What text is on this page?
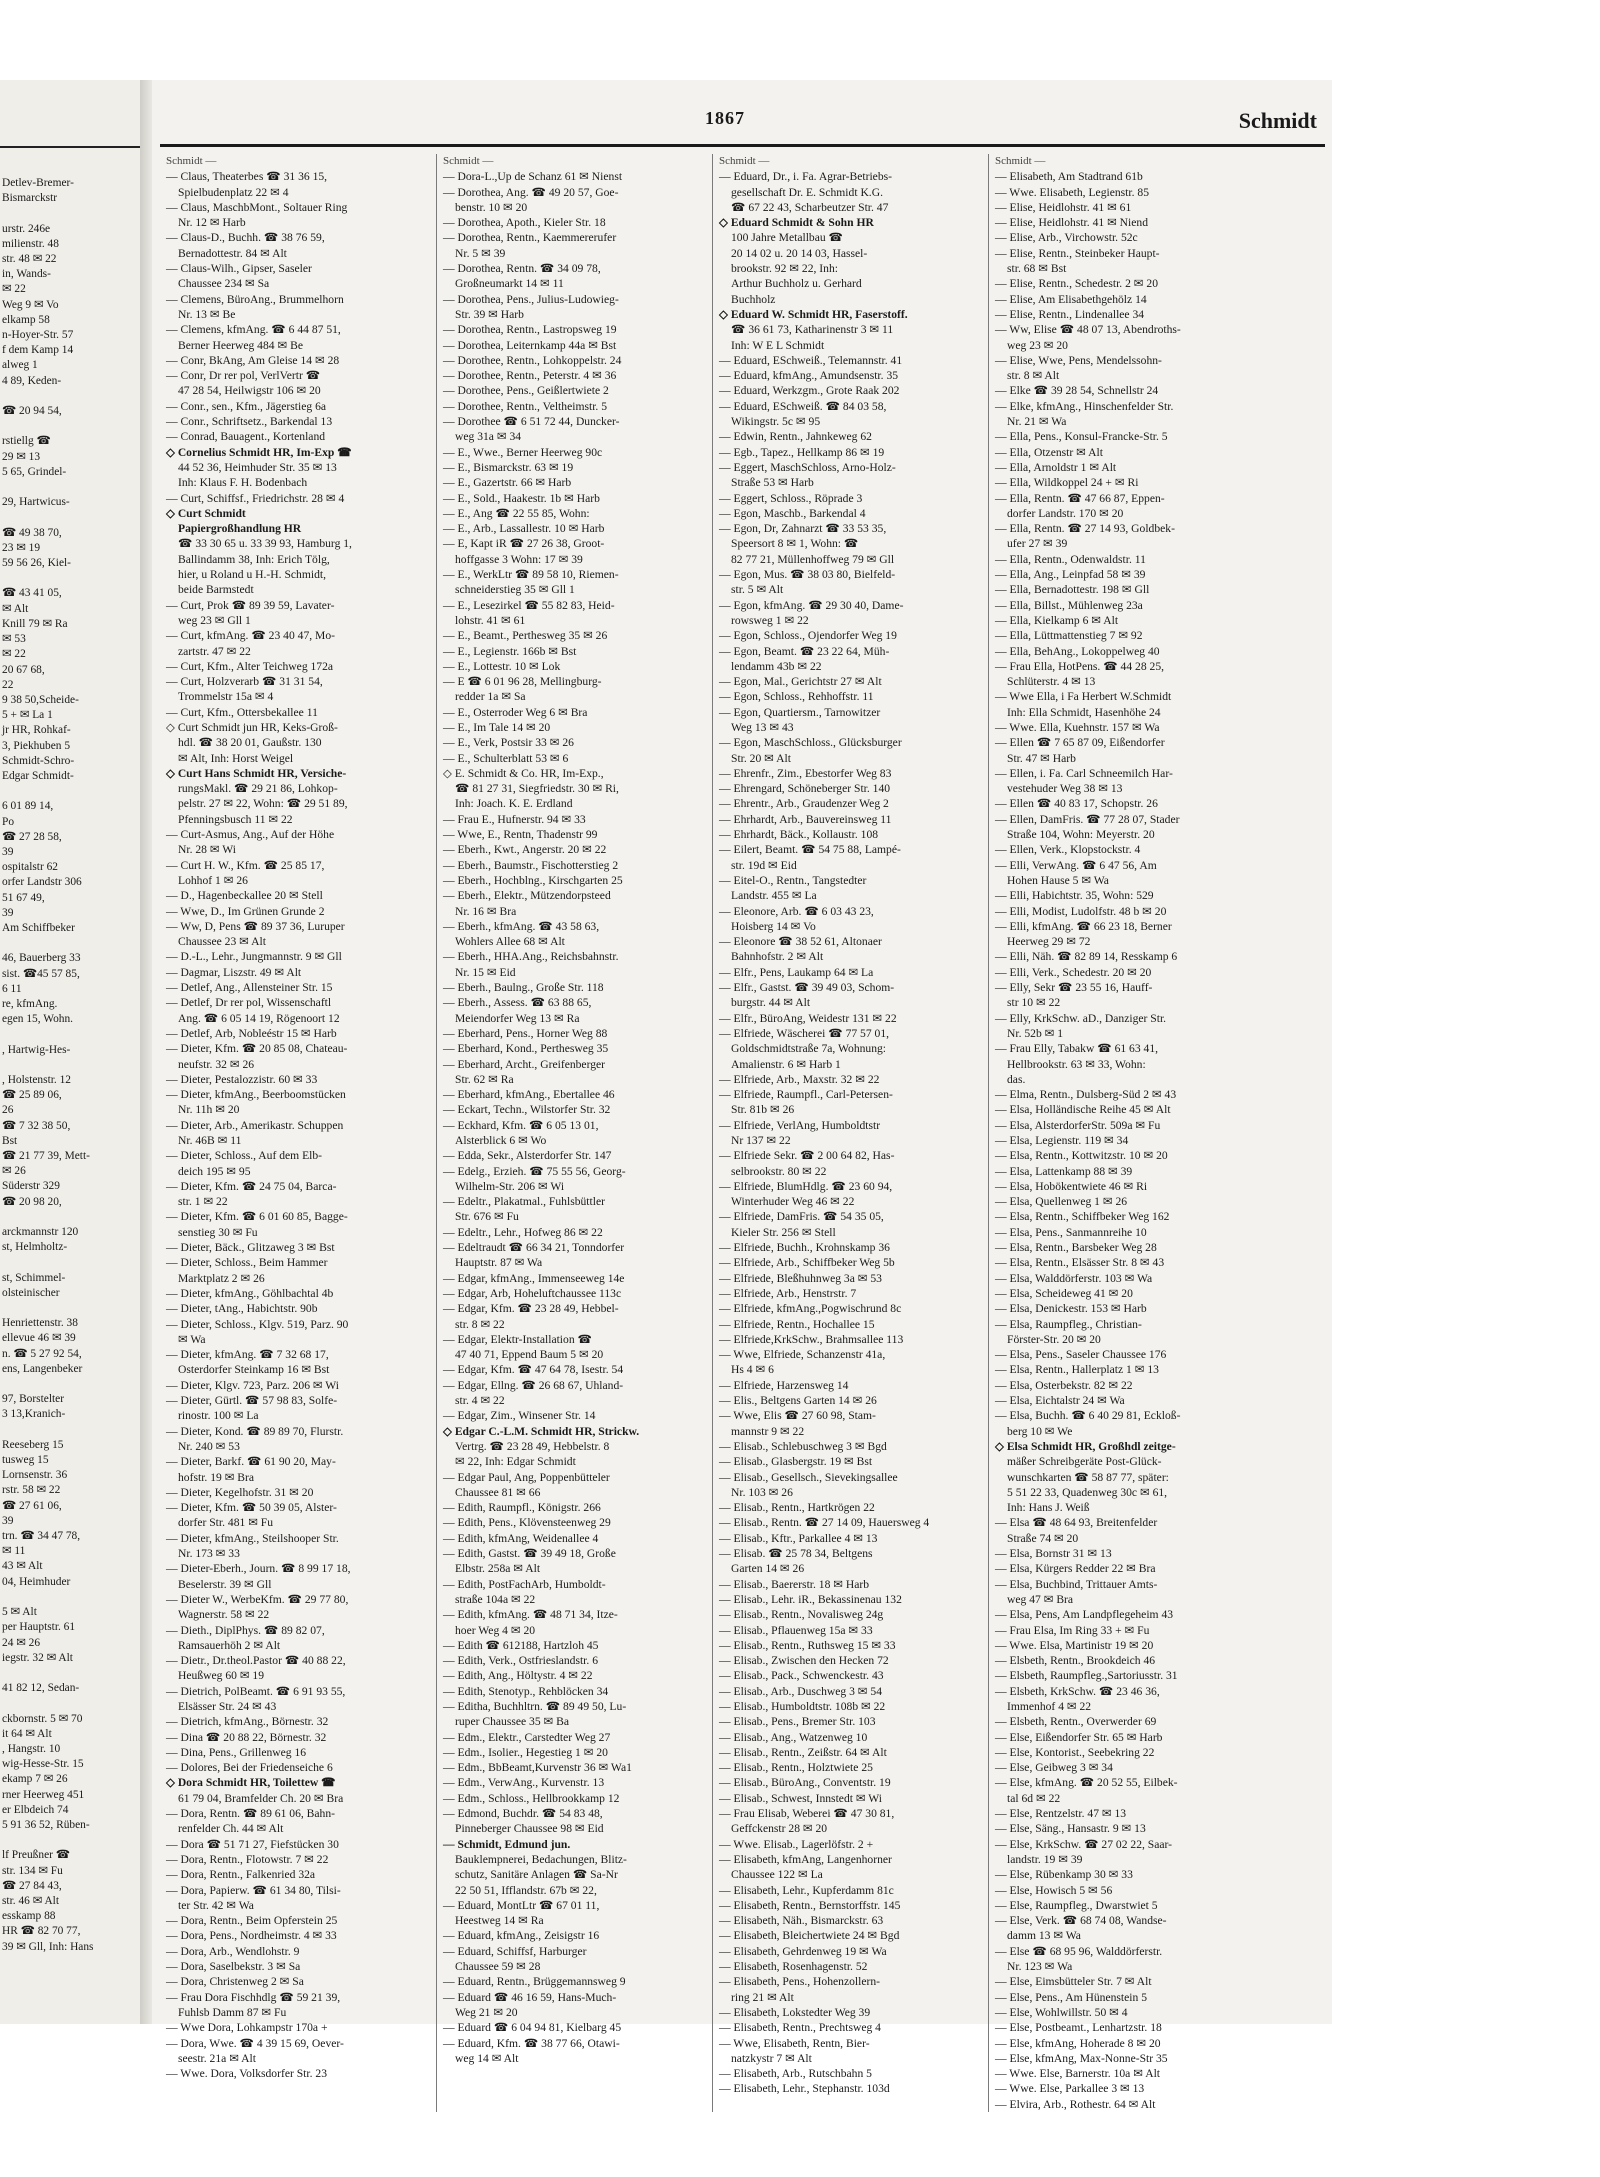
Detlev-Bremer-
Bismarckstr

urstr. 246e
milienstr. 48
str. 48 ✉ 22
in, Wands-
✉ 22
Weg 9 ✉ Vo
elkamp 58
n-Hoyer-Str. 57
f dem Kamp 14
alweg 1
4 89, Keden-

☎ 20 94 54,

rstiellg ☎
29 ✉ 13
5 65, Grindel-

29, Hartwicus-

☎ 49 38 70,
23 ✉ 19
59 56 26, Kiel-

☎ 43 41 05,
✉ Alt
Knill 79 ✉ Ra
✉ 53
✉ 22
20 67 68,
22
9 38 50,Scheide-
5 + ✉ La 1
jr HR, Rohkaf-
3, Piekhuben 5
Schmidt-Schro-
Edgar Schmidt-

6 01 89 14,
Po
☎ 27 28 58,
39
ospitalstr 62
orfer Landstr 306
51 67 49,
39
Am Schiffbeker

46, Bauerberg 33
sist. ☎45 57 85,
6 11
re, kfmAng.
egen 15, Wohn.

, Hartwig-Hes-

, Holstenstr. 12
☎ 25 89 06,
26
☎ 7 32 38 50,
Bst
☎ 21 77 39, Mett-
✉ 26
Süderstr 329
☎ 20 98 20,

arckmannstr 120
st, Helmholtz-

st, Schimmel-
olsteinischer

Henriettenstr. 38
ellevue 46 ✉ 39
n. ☎ 5 27 92 54,
ens, Langenbeker

97, Borstelter
3 13,Kranich-

Reeseberg 15
tusweg 15
Lornsenstr. 36
rstr. 58 ✉ 22
☎ 27 61 06,
39
trn. ☎ 34 47 78,
✉ 11
43 ✉ Alt
04, Heimhuder

5 ✉ Alt
per Hauptstr. 61
24 ✉ 26
iegstr. 32 ✉ Alt

41 82 12, Sedan-

ckbornstr. 5 ✉ 70
it 64 ✉ Alt
, Hangstr. 10
wig-Hesse-Str. 15
ekamp 7 ✉ 26
rner Heerweg 451
er Elbdeich 74
5 91 36 52, Rüben-

lf Preußner ☎
str. 134 ✉ Fu
☎ 27 84 43,
str. 46 ✉ Alt
esskamp 88
HR ☎ 82 70 77,
39 ✉ Gll, Inh: Hans
1867	Schmidt
Schmidt —
— Claus, Theaterbes ☎ 31 36 15,
Spielbudenplatz 22 ✉ 4
— Claus, MaschbMont., Soltauer Ring
Nr. 12 ✉ Harb
— Claus-D., Buchh. ☎ 38 76 59,
Bernadottestr. 84 ✉ Alt
— Claus-Wilh., Gipser, Saseler
Chaussee 234 ✉ Sa
— Clemens, BüroAng., Brummelhorn
Nr. 13 ✉ Be
— Clemens, kfmAng. ☎ 6 44 87 51,
Berner Heerweg 484 ✉ Be
— Conr, BkAng, Am Gleise 14 ✉ 28
— Conr, Dr rer pol, VerlVertr ☎
47 28 54, Heilwigstr 106 ✉ 20
— Conr., sen., Kfm., Jägerstieg 6a
— Conr., Schriftsetz., Barkendal 13
— Conrad, Bauagent., Kortenland
◇ Cornelius Schmidt HR, Im-Exp ☎
44 52 36, Heimhuder Str. 35 ✉ 13
Inh: Klaus F. H. Bodenbach
— Curt, Schiffsf., Friedrichstr. 28 ✉ 4
◇ Curt Schmidt
Papiergroßhandlung HR
☎ 33 30 65 u. 33 39 93, Hamburg 1,
Ballindamm 38, Inh: Erich Tölg,
hier, u Roland u H.-H. Schmidt,
beide Barmstedt
— Curt, Prok ☎ 89 39 59, Lavater-
weg 23 ✉ Gll 1
— Curt, kfmAng. ☎ 23 40 47, Mo-
zartstr. 47 ✉ 22
— Curt, Kfm., Alter Teichweg 172a
— Curt, Holzverarb ☎ 31 31 54,
Trommelstr 15a ✉ 4
— Curt, Kfm., Ottersbekallee 11
◇ Curt Schmidt jun HR, Keks-Groß-
hdl. ☎ 38 20 01, Gaußstr. 130
✉ Alt, Inh: Horst Weigel
◇ Curt Hans Schmidt HR, Versiche-
rungsMakl. ☎ 29 21 86, Lohkop-
pelstr. 27 ✉ 22, Wohn: ☎ 29 51 89,
Pfenningsbusch 11 ✉ 22
— Curt-Asmus, Ang., Auf der Höhe
Nr. 28 ✉ Wi
— Curt H. W., Kfm. ☎ 25 85 17,
Lohhof 1 ✉ 26
— D., Hagenbeckallee 20 ✉ Stell
— Wwe, D., Im Grünen Grunde 2
— Ww, D, Pens ☎ 89 37 36, Luruper
Chaussee 23 ✉ Alt
— D.-L., Lehr., Jungmannstr. 9 ✉ Gll
— Dagmar, Liszstr. 49 ✉ Alt
— Detlef, Ang., Allensteiner Str. 15
— Detlef, Dr rer pol, Wissenschaftl
Ang. ☎ 6 05 14 19, Rögenoort 12
— Detlef, Arb, Nobleéstr 15 ✉ Harb
— Dieter, Kfm. ☎ 20 85 08, Chateau-
neufstr. 32 ✉ 26
— Dieter, Pestalozzistr. 60 ✉ 33
— Dieter, kfmAng., Beerboomstücken
Nr. 11h ✉ 20
— Dieter, Arb., Amerikastr. Schuppen
Nr. 46B ✉ 11
— Dieter, Schloss., Auf dem Elb-
deich 195 ✉ 95
— Dieter, Kfm. ☎ 24 75 04, Barca-
str. 1 ✉ 22
— Dieter, Kfm. ☎ 6 01 60 85, Bagge-
senstieg 30 ✉ Fu
— Dieter, Bäck., Glitzaweg 3 ✉ Bst
— Dieter, Schloss., Beim Hammer
Marktplatz 2 ✉ 26
— Dieter, kfmAng., Göhlbachtal 4b
— Dieter, tAng., Habichtstr. 90b
— Dieter, Schloss., Klgv. 519, Parz. 90
✉ Wa
— Dieter, kfmAng. ☎ 7 32 68 17,
Osterdorfer Steinkamp 16 ✉ Bst
— Dieter, Klgv. 723, Parz. 206 ✉ Wi
— Dieter, Gürtl. ☎ 57 98 83, Solfe-
rinostr. 100 ✉ La
— Dieter, Kond. ☎ 89 89 70, Flurstr.
Nr. 240 ✉ 53
— Dieter, Barkf. ☎ 61 90 20, May-
hofstr. 19 ✉ Bra
— Dieter, Kegelhofstr. 31 ✉ 20
— Dieter, Kfm. ☎ 50 39 05, Alster-
dorfer Str. 481 ✉ Fu
— Dieter, kfmAng., Steilshooper Str.
Nr. 173 ✉ 33
— Dieter-Eberh., Journ. ☎ 8 99 17 18,
Beselerstr. 39 ✉ Gll
— Dieter W., WerbeKfm. ☎ 29 77 80,
Wagnerstr. 58 ✉ 22
— Dieth., DiplPhys. ☎ 89 82 07,
Ramsauerhöh 2 ✉ Alt
— Dietr., Dr.theol.Pastor ☎ 40 88 22,
Heußweg 60 ✉ 19
— Dietrich, PolBeamt. ☎ 6 91 93 55,
Elsässer Str. 24 ✉ 43
— Dietrich, kfmAng., Börnestr. 32
— Dina ☎ 20 88 22, Börnestr. 32
— Dina, Pens., Grillenweg 16
— Dolores, Bei der Friedenseiche 6
◇ Dora Schmidt HR, Toilettew ☎
61 79 04, Bramfelder Ch. 20 ✉ Bra
— Dora, Rentn. ☎ 89 61 06, Bahn-
renfelder Ch. 44 ✉ Alt
— Dora ☎ 51 71 27, Fiefstücken 30
— Dora, Rentn., Flotowstr. 7 ✉ 22
— Dora, Rentn., Falkenried 32a
— Dora, Papierw. ☎ 61 34 80, Tilsi-
ter Str. 42 ✉ Wa
— Dora, Rentn., Beim Opferstein 25
— Dora, Pens., Nordheimstr. 4 ✉ 33
— Dora, Arb., Wendlohstr. 9
— Dora, Saselbekstr. 3 ✉ Sa
— Dora, Christenweg 2 ✉ Sa
— Frau Dora Fischhdlg ☎ 59 21 39,
Fuhlsb Damm 87 ✉ Fu
— Wwe Dora, Lohkampstr 170a +
— Dora, Wwe. ☎ 4 39 15 69, Oever-
seestr. 21a ✉ Alt
— Wwe. Dora, Volksdorfer Str. 23
Schmidt —
— Dora-L.,Up de Schanz 61 ✉ Nienst
— Dorothea, Ang. ☎ 49 20 57, Goe-
benstr. 10 ✉ 20
— Dorothea, Apoth., Kieler Str. 18
— Dorothea, Rentn., Kaemmererufer
Nr. 5 ✉ 39
— Dorothea, Rentn. ☎ 34 09 78,
Großneumarkt 14 ✉ 11
— Dorothea, Pens., Julius-Ludowieg-
Str. 39 ✉ Harb
— Dorothea, Rentn., Lastropsweg 19
— Dorothea, Leiternkamp 44a ✉ Bst
— Dorothee, Rentn., Lohkoppelstr. 24
— Dorothee, Rentn., Peterstr. 4 ✉ 36
— Dorothee, Pens., Geißlertwiete 2
— Dorothee, Rentn., Veltheimstr. 5
— Dorothee ☎ 6 51 72 44, Duncker-
weg 31a ✉ 34
— E., Wwe., Berner Heerweg 90c
— E., Bismarckstr. 63 ✉ 19
— E., Gazertstr. 66 ✉ Harb
— E., Sold., Haakestr. 1b ✉ Harb
— E., Ang ☎ 22 55 85, Wohn:
— E., Arb., Lassallestr. 10 ✉ Harb
— E, Kapt iR ☎ 27 26 38, Groot-
hoffgasse 3 Wohn: 17 ✉ 39
— E., WerkLtr ☎ 89 58 10, Riemen-
schneiderstieg 35 ✉ Gll 1
— E., Lesezirkel ☎ 55 82 83, Heid-
lohstr. 41 ✉ 61
— E., Beamt., Perthesweg 35 ✉ 26
— E., Legienstr. 166b ✉ Bst
— E., Lottestr. 10 ✉ Lok
— E ☎ 6 01 96 28, Mellingburg-
redder 1a ✉ Sa
— E., Osterroder Weg 6 ✉ Bra
— E., Im Tale 14 ✉ 20
— E., Verk, Postsir 33 ✉ 26
— E., Schulterblatt 53 ✉ 6
◇ E. Schmidt & Co. HR, Im-Exp.,
☎ 81 27 31, Siegfriedstr. 30 ✉ Ri,
Inh: Joach. K. E. Erdland
— Frau E., Hufnerstr. 94 ✉ 33
— Wwe, E., Rentn, Thadenstr 99
— Eberh., Kwt., Angerstr. 20 ✉ 22
— Eberh., Baumstr., Fischotterstieg 2
— Eberh., Hochblng., Kirschgarten 25
— Eberh., Elektr., Mützendorpsteed
Nr. 16 ✉ Bra
— Eberh., kfmAng. ☎ 43 58 63,
Wohlers Allee 68 ✉ Alt
— Eberh., HHA.Ang., Reichsbahnstr.
Nr. 15 ✉ Eid
— Eberh., Baulng., Große Str. 118
— Eberh., Assess. ☎ 63 88 65,
Meiendorfer Weg 13 ✉ Ra
— Eberhard, Pens., Horner Weg 88
— Eberhard, Kond., Perthesweg 35
— Eberhard, Archt., Greifenberger
Str. 62 ✉ Ra
— Eberhard, kfmAng., Ebertallee 46
— Eckart, Techn., Wilstorfer Str. 32
— Eckhard, Kfm. ☎ 6 05 13 01,
Alsterblick 6 ✉ Wo
— Edda, Sekr., Alsterdorfer Str. 147
— Edelg., Erzieh. ☎ 75 55 56, Georg-
Wilhelm-Str. 206 ✉ Wi
— Edeltr., Plakatmal., Fuhlsbüttler
Str. 676 ✉ Fu
— Edeltr., Lehr., Hofweg 86 ✉ 22
— Edeltraudt ☎ 66 34 21, Tonndorfer
Hauptstr. 87 ✉ Wa
— Edgar, kfmAng., Immenseeweg 14e
— Edgar, Arb, Hoheluftchaussee 113c
— Edgar, Kfm. ☎ 23 28 49, Hebbel-
str. 8 ✉ 22
— Edgar, Elektr-Installation ☎
47 40 71, Eppend Baum 5 ✉ 20
— Edgar, Kfm. ☎ 47 64 78, Isestr. 54
— Edgar, Ellng. ☎ 26 68 67, Uhland-
str. 4 ✉ 22
— Edgar, Zim., Winsener Str. 14
◇ Edgar C.-L.M. Schmidt HR, Strickw.
Vertrg. ☎ 23 28 49, Hebbelstr. 8
✉ 22, Inh: Edgar Schmidt
— Edgar Paul, Ang, Poppenbütteler
Chaussee 81 ✉ 66
— Edith, Raumpfl., Königstr. 266
— Edith, Pens., Klövensteenweg 29
— Edith, kfmAng, Weidenallee 4
— Edith, Gastst. ☎ 39 49 18, Große
Elbstr. 258a ✉ Alt
— Edith, PostFachArb, Humboldt-
straße 104a ✉ 22
— Edith, kfmAng. ☎ 48 71 34, Itze-
hoer Weg 4 ✉ 20
— Edith ☎ 612188, Hartzloh 45
— Edith, Verk., Ostfrieslandstr. 6
— Edith, Ang., Höltystr. 4 ✉ 22
— Edith, Stenotyp., Rehblöcken 34
— Editha, Buchhltrn. ☎ 89 49 50, Lu-
ruper Chaussee 35 ✉ Ba
— Edm., Elektr., Carstedter Weg 27
— Edm., Isolier., Hegestieg 1 ✉ 20
— Edm., BbBeamt,Kurvenstr 36 ✉ Wa1
— Edm., VerwAng., Kurvenstr. 13
— Edm., Schloss., Hellbrookkamp 12
— Edmond, Buchdr. ☎ 54 83 48,
Pinneberger Chaussee 98 ✉ Eid
— Schmidt, Edmund jun.
Bauklempnerei, Bedachungen, Blitz-
schutz, Sanitäre Anlagen ☎ Sa-Nr
22 50 51, Ifflandstr. 67b ✉ 22,
— Eduard, MontLtr ☎ 67 01 11,
Heestweg 14 ✉ Ra
— Eduard, kfmAng., Zeisigstr 16
— Eduard, Schiffsf, Harburger
Chaussee 59 ✉ 28
— Eduard, Rentn., Brüggemannsweg 9
— Eduard ☎ 46 16 59, Hans-Much-
Weg 21 ✉ 20
— Eduard ☎ 6 04 94 81, Kielbarg 45
— Eduard, Kfm. ☎ 38 77 66, Otawi-
weg 14 ✉ Alt
Schmidt —
— Eduard, Dr., i. Fa. Agrar-Betriebs-
gesellschaft Dr. E. Schmidt K.G.
☎ 67 22 43, Scharbeutzer Str. 47
◇ Eduard Schmidt & Sohn HR
100 Jahre Metallbau ☎
20 14 02 u. 20 14 03, Hassel-
brookstr. 92 ✉ 22, Inh:
Arthur Buchholz u. Gerhard
Buchholz
◇ Eduard W. Schmidt HR, Faserstoff.
☎ 36 61 73, Katharinenstr 3 ✉ 11
Inh: W E L Schmidt
— Eduard, ESchweiß., Telemannstr. 41
— Eduard, kfmAng., Amundsenstr. 35
— Eduard, Werkzgm., Grote Raak 202
— Eduard, ESchweiß. ☎ 84 03 58,
Wikingstr. 5c ✉ 95
— Edwin, Rentn., Jahnkeweg 62
— Egb., Tapez., Hellkamp 86 ✉ 19
— Eggert, MaschSchloss, Arno-Holz-
Straße 53 ✉ Harb
— Eggert, Schloss., Röprade 3
— Egon, Maschb., Barkendal 4
— Egon, Dr, Zahnarzt ☎ 33 53 35,
Speersort 8 ✉ 1, Wohn: ☎
82 77 21, Müllenhoffweg 79 ✉ Gll
— Egon, Mus. ☎ 38 03 80, Bielfeld-
str. 5 ✉ Alt
— Egon, kfmAng. ☎ 29 30 40, Dame-
rowsweg 1 ✉ 22
— Egon, Schloss., Ojendorfer Weg 19
— Egon, Beamt. ☎ 23 22 64, Müh-
lendamm 43b ✉ 22
— Egon, Mal., Gerichtstr 27 ✉ Alt
— Egon, Schloss., Rehhoffstr. 11
— Egon, Quartiersm., Tarnowitzer
Weg 13 ✉ 43
— Egon, MaschSchloss., Glücksburger
Str. 20 ✉ Alt
— Ehrenfr., Zim., Ebestorfer Weg 83
— Ehrengard, Schöneberger Str. 140
— Ehrentr., Arb., Graudenzer Weg 2
— Ehrhardt, Arb., Bauvereinsweg 11
— Ehrhardt, Bäck., Kollaustr. 108
— Eilert, Beamt. ☎ 54 75 88, Lampé-
str. 19d ✉ Eid
— Eitel-O., Rentn., Tangstedter
Landstr. 455 ✉ La
— Eleonore, Arb. ☎ 6 03 43 23,
Hoisberg 14 ✉ Vo
— Eleonore ☎ 38 52 61, Altonaer
Bahnhofstr. 2 ✉ Alt
— Elfr., Pens, Laukamp 64 ✉ La
— Elfr., Gastst. ☎ 39 49 03, Schom-
burgstr. 44 ✉ Alt
— Elfr., BüroAng, Weidestr 131 ✉ 22
— Elfriede, Wäscherei ☎ 77 57 01,
Goldschmidtstraße 7a, Wohnung:
Amalienstr. 6 ✉ Harb 1
— Elfriede, Arb., Maxstr. 32 ✉ 22
— Elfriede, Raumpfl., Carl-Petersen-
Str. 81b ✉ 26
— Elfriede, VerlAng, Humboldtstr
Nr 137 ✉ 22
— Elfriede Sekr. ☎ 2 00 64 82, Has-
selbrookstr. 80 ✉ 22
— Elfriede, BlumHdlg. ☎ 23 60 94,
Winterhuder Weg 46 ✉ 22
— Elfriede, DamFris. ☎ 54 35 05,
Kieler Str. 256 ✉ Stell
— Elfriede, Buchh., Krohnskamp 36
— Elfriede, Arb., Schiffbeker Weg 5b
— Elfriede, Bleßhuhnweg 3a ✉ 53
— Elfriede, Arb., Henstrstr. 7
— Elfriede, kfmAng.,Pogwischrund 8c
— Elfriede, Rentn., Hochallee 15
— Elfriede,KrkSchw., Brahmsallee 113
— Wwe, Elfriede, Schanzenstr 41a,
Hs 4 ✉ 6
— Elfriede, Harzensweg 14
— Elis., Beltgens Garten 14 ✉ 26
— Wwe, Elis ☎ 27 60 98, Stam-
mannstr 9 ✉ 22
— Elisab., Schlebuschweg 3 ✉ Bgd
— Elisab., Glasbergstr. 19 ✉ Bst
— Elisab., Gesellsch., Sievekingsallee
Nr. 103 ✉ 26
— Elisab., Rentn., Hartkrögen 22
— Elisab., Rentn. ☎ 27 14 09, Hauersweg 4
— Elisab., Kftr., Parkallee 4 ✉ 13
— Elisab. ☎ 25 78 34, Beltgens
Garten 14 ✉ 26
— Elisab., Baererstr. 18 ✉ Harb
— Elisab., Lehr. iR., Bekassinenau 132
— Elisab., Rentn., Novalisweg 24g
— Elisab., Pflauenweg 15a ✉ 33
— Elisab., Rentn., Ruthsweg 15 ✉ 33
— Elisab., Zwischen den Hecken 72
— Elisab., Pack., Schwenckestr. 43
— Elisab., Arb., Duschweg 3 ✉ 54
— Elisab., Humboldtstr. 108b ✉ 22
— Elisab., Pens., Bremer Str. 103
— Elisab., Ang., Watzenweg 10
— Elisab., Rentn., Zeißstr. 64 ✉ Alt
— Elisab., Rentn., Holztwiete 25
— Elisab., BüroAng., Conventstr. 19
— Elisab., Schwest, Innstedt ✉ Wi
— Frau Elisab, Weberei ☎ 47 30 81,
Geffckenstr 28 ✉ 20
— Wwe. Elisab., Lagerlöfstr. 2 +
— Elisabeth, kfmAng, Langenhorner
Chaussee 122 ✉ La
— Elisabeth, Lehr., Kupferdamm 81c
— Elisabeth, Rentn., Bernstorffstr. 145
— Elisabeth, Näh., Bismarckstr. 63
— Elisabeth, Bleichertwiete 24 ✉ Bgd
— Elisabeth, Gehrdenweg 19 ✉ Wa
— Elisabeth, Rosenhagenstr. 52
— Elisabeth, Pens., Hohenzollern-
ring 21 ✉ Alt
— Elisabeth, Lokstedter Weg 39
— Elisabeth, Rentn., Prechtsweg 4
— Wwe, Elisabeth, Rentn, Bier-
natzkystr 7 ✉ Alt
— Elisabeth, Arb., Rutschbahn 5
— Elisabeth, Lehr., Stephanstr. 103d
Schmidt —
— Elisabeth, Am Stadtrand 61b
— Wwe. Elisabeth, Legienstr. 85
— Elise, Heidlohstr. 41 ✉ 61
— Elise, Heidlohstr. 41 ✉ Niend
— Elise, Arb., Virchowstr. 52c
— Elise, Rentn., Steinbeker Haupt-
str. 68 ✉ Bst
— Elise, Rentn., Schedestr. 2 ✉ 20
— Elise, Am Elisabethgehölz 14
— Elise, Rentn., Lindenallee 34
— Ww, Elise ☎ 48 07 13, Abendroths-
weg 23 ✉ 20
— Elise, Wwe, Pens, Mendelssohn-
str. 8 ✉ Alt
— Elke ☎ 39 28 54, Schnellstr 24
— Elke, kfmAng., Hinschenfelder Str.
Nr. 21 ✉ Wa
— Ella, Pens., Konsul-Francke-Str. 5
— Ella, Otzenstr ✉ Alt
— Ella, Arnoldstr 1 ✉ Alt
— Ella, Wildkoppel 24 + ✉ Ri
— Ella, Rentn. ☎ 47 66 87, Eppen-
dorfer Landstr. 170 ✉ 20
— Ella, Rentn. ☎ 27 14 93, Goldbek-
ufer 27 ✉ 39
— Ella, Rentn., Odenwaldstr. 11
— Ella, Ang., Leinpfad 58 ✉ 39
— Ella, Bernadottestr. 198 ✉ Gll
— Ella, Billst., Mühlenweg 23a
— Ella, Kielkamp 6 ✉ Alt
— Ella, Lüttmattenstieg 7 ✉ 92
— Ella, BehAng., Lokoppelweg 40
— Frau Ella, HotPens. ☎ 44 28 25,
Schlüterstr. 4 ✉ 13
— Wwe Ella, i Fa Herbert W.Schmidt
Inh: Ella Schmidt, Hasenhöhe 24
— Wwe. Ella, Kuehnstr. 157 ✉ Wa
— Ellen ☎ 7 65 87 09, Eißendorfer
Str. 47 ✉ Harb
— Ellen, i. Fa. Carl Schneemilch Har-
vestehuder Weg 38 ✉ 13
— Ellen ☎ 40 83 17, Schopstr. 26
— Ellen, DamFris. ☎ 77 28 07, Stader
Straße 104, Wohn: Meyerstr. 20
— Ellen, Verk., Klopstockstr. 4
— Elli, VerwAng. ☎ 6 47 56, Am
Hohen Hause 5 ✉ Wa
— Elli, Habichtstr. 35, Wohn: 529
— Elli, Modist, Ludolfstr. 48 b ✉ 20
— Elli, kfmAng. ☎ 66 23 18, Berner
Heerweg 29 ✉ 72
— Elli, Näh. ☎ 82 89 14, Resskamp 6
— Elli, Verk., Schedestr. 20 ✉ 20
— Elly, Sekr ☎ 23 55 16, Hauff-
str 10 ✉ 22
— Elly, KrkSchw. aD., Danziger Str.
Nr. 52b ✉ 1
— Frau Elly, Tabakw ☎ 61 63 41,
Hellbrookstr. 63 ✉ 33, Wohn:
das.
— Elma, Rentn., Dulsberg-Süd 2 ✉ 43
— Elsa, Holländische Reihe 45 ✉ Alt
— Elsa, AlsterdorferStr. 509a ✉ Fu
— Elsa, Legienstr. 119 ✉ 34
— Elsa, Rentn., Kottwitzstr. 10 ✉ 20
— Elsa, Lattenkamp 88 ✉ 39
— Elsa, Hobökentwiete 46 ✉ Ri
— Elsa, Quellenweg 1 ✉ 26
— Elsa, Rentn., Schiffbeker Weg 162
— Elsa, Pens., Sanmannreihe 10
— Elsa, Rentn., Barsbeker Weg 28
— Elsa, Rentn., Elsässer Str. 8 ✉ 43
— Elsa, Walddörferstr. 103 ✉ Wa
— Elsa, Scheideweg 41 ✉ 20
— Elsa, Denickestr. 153 ✉ Harb
— Elsa, Raumpfleg., Christian-
Förster-Str. 20 ✉ 20
— Elsa, Pens., Saseler Chaussee 176
— Elsa, Rentn., Hallerplatz 1 ✉ 13
— Elsa, Osterbekstr. 82 ✉ 22
— Elsa, Eichtalstr 24 ✉ Wa
— Elsa, Buchh. ☎ 6 40 29 81, Eckloß-
berg 10 ✉ We
◇ Elsa Schmidt HR, Großhdl zeitge-
mäßer Schreibgeräte Post-Glück-
wunschkarten ☎ 58 87 77, später:
5 51 22 33, Quadenweg 30c ✉ 61,
Inh: Hans J. Weiß
— Elsa ☎ 48 64 93, Breitenfelder
Straße 74 ✉ 20
— Elsa, Bornstr 31 ✉ 13
— Elsa, Kürgers Redder 22 ✉ Bra
— Elsa, Buchbind, Trittauer Amts-
weg 47 ✉ Bra
— Elsa, Pens, Am Landpflegeheim 43
— Frau Elsa, Im Ring 33 + ✉ Fu
— Wwe. Elsa, Martinistr 19 ✉ 20
— Elsbeth, Rentn., Brookdeich 46
— Elsbeth, Raumpfleg.,Sartoriusstr. 31
— Elsbeth, KrkSchw. ☎ 23 46 36,
Immenhof 4 ✉ 22
— Elsbeth, Rentn., Overwerder 69
— Else, Eißendorfer Str. 65 ✉ Harb
— Else, Kontorist., Seebekring 22
— Else, Geibweg 3 ✉ 34
— Else, kfmAng. ☎ 20 52 55, Eilbek-
tal 6d ✉ 22
— Else, Rentzelstr. 47 ✉ 13
— Else, Säng., Hansastr. 9 ✉ 13
— Else, KrkSchw. ☎ 27 02 22, Saar-
landstr. 19 ✉ 39
— Else, Rübenkamp 30 ✉ 33
— Else, Howisch 5 ✉ 56
— Else, Raumpfleg., Dwarstwiet 5
— Else, Verk. ☎ 68 74 08, Wandse-
damm 13 ✉ Wa
— Else ☎ 68 95 96, Walddörferstr.
Nr. 123 ✉ Wa
— Else, Eimsbütteler Str. 7 ✉ Alt
— Else, Pens., Am Hünenstein 5
— Else, Wohlwillstr. 50 ✉ 4
— Else, Postbeamt., Lenhartzstr. 18
— Else, kfmAng, Hoherade 8 ✉ 20
— Else, kfmAng, Max-Nonne-Str 35
— Wwe. Else, Barnerstr. 10a ✉ Alt
— Wwe. Else, Parkallee 3 ✉ 13
— Elvira, Arb., Rothestr. 64 ✉ Alt
